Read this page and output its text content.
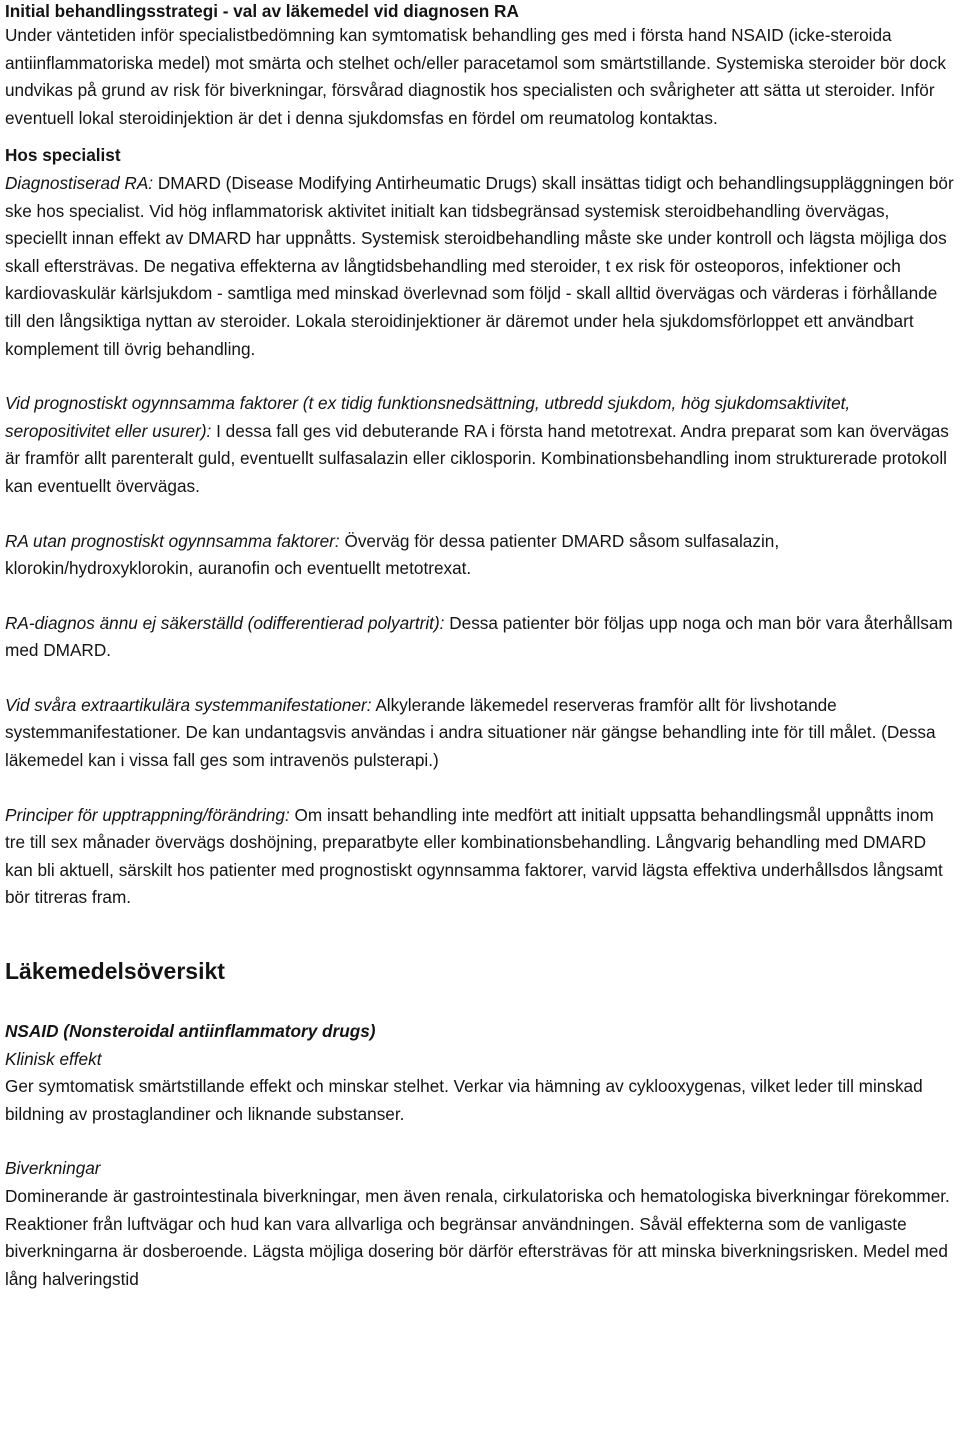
Initial behandlingsstrategi - val av läkemedel vid diagnosen RA

Under väntetiden inför specialistbedömning kan symtomatisk behandling ges med i första hand NSAID (icke-steroida antiinflammatoriska medel) mot smärta och stelhet och/eller paracetamol som smärtstillande. Systemiska steroider bör dock undvikas på grund av risk för biverkningar, försvårad diagnostik hos specialisten och svårigheter att sätta ut steroider. Inför eventuell lokal steroidinjektion är det i denna sjukdomsfas en fördel om reumatolog kontaktas.

Hos specialist

Diagnostiserad RA: DMARD (Disease Modifying Antirheumatic Drugs) skall insättas tidigt och behandlingsuppläggningen bör ske hos specialist. Vid hög inflammatorisk aktivitet initialt kan tidsbegränsad systemisk steroidbehandling övervägas, speciellt innan effekt av DMARD har uppnåtts. Systemisk steroidbehandling måste ske under kontroll och lägsta möjliga dos skall eftersträvas. De negativa effekterna av långtidsbehandling med steroider, t ex risk för osteoporos, infektioner och kardiovaskulär kärlsjukdom - samtliga med minskad överlevnad som följd - skall alltid övervägas och värderas i förhållande till den långsiktiga nyttan av steroider. Lokala steroidinjektioner är däremot under hela sjukdomsförloppet ett användbart komplement till övrig behandling.

Vid prognostiskt ogynnsamma faktorer (t ex tidig funktionsnedsättning, utbredd sjukdom, hög sjukdomsaktivitet, seropositivitet eller usurer): I dessa fall ges vid debuterande RA i första hand metotrexat. Andra preparat som kan övervägas är framför allt parenteralt guld, eventuellt sulfasalazin eller ciklosporin. Kombinationsbehandling inom strukturerade protokoll kan eventuellt övervägas.

RA utan prognostiskt ogynnsamma faktorer: Överväg för dessa patienter DMARD såsom sulfasalazin, klorokin/hydroxyklorokin, auranofin och eventuellt metotrexat.

RA-diagnos ännu ej säkerställd (odifferentierad polyartrit): Dessa patienter bör följas upp noga och man bör vara återhållsam med DMARD.

Vid svåra extraartikulära systemmanifestationer: Alkylerande läkemedel reserveras framför allt för livshotande systemmanifestationer. De kan undantagsvis användas i andra situationer när gängse behandling inte för till målet. (Dessa läkemedel kan i vissa fall ges som intravenös pulsterapi.)

Principer för upptrappning/förändring: Om insatt behandling inte medfört att initialt uppsatta behandlingsmål uppnåtts inom tre till sex månader övervägs doshöjning, preparatbyte eller kombinationsbehandling. Långvarig behandling med DMARD kan bli aktuell, särskilt hos patienter med prognostiskt ogynnsamma faktorer, varvid lägsta effektiva underhållsdos långsamt bör titreras fram.

Läkemedelsöversikt

NSAID (Nonsteroidal antiinflammatory drugs)

Klinisk effekt

Ger symtomatisk smärtstillande effekt och minskar stelhet. Verkar via hämning av cyklooxygenas, vilket leder till minskad bildning av prostaglandiner och liknande substanser.

Biverkningar

Dominerande är gastrointestinala biverkningar, men även renala, cirkulatoriska och hematologiska biverkningar förekommer. Reaktioner från luftvägar och hud kan vara allvarliga och begränsar användningen. Såväl effekterna som de vanligaste biverkningarna är dosberoende. Lägsta möjliga dosering bör därför eftersträvas för att minska biverkningsrisken. Medel med lång halveringstid
